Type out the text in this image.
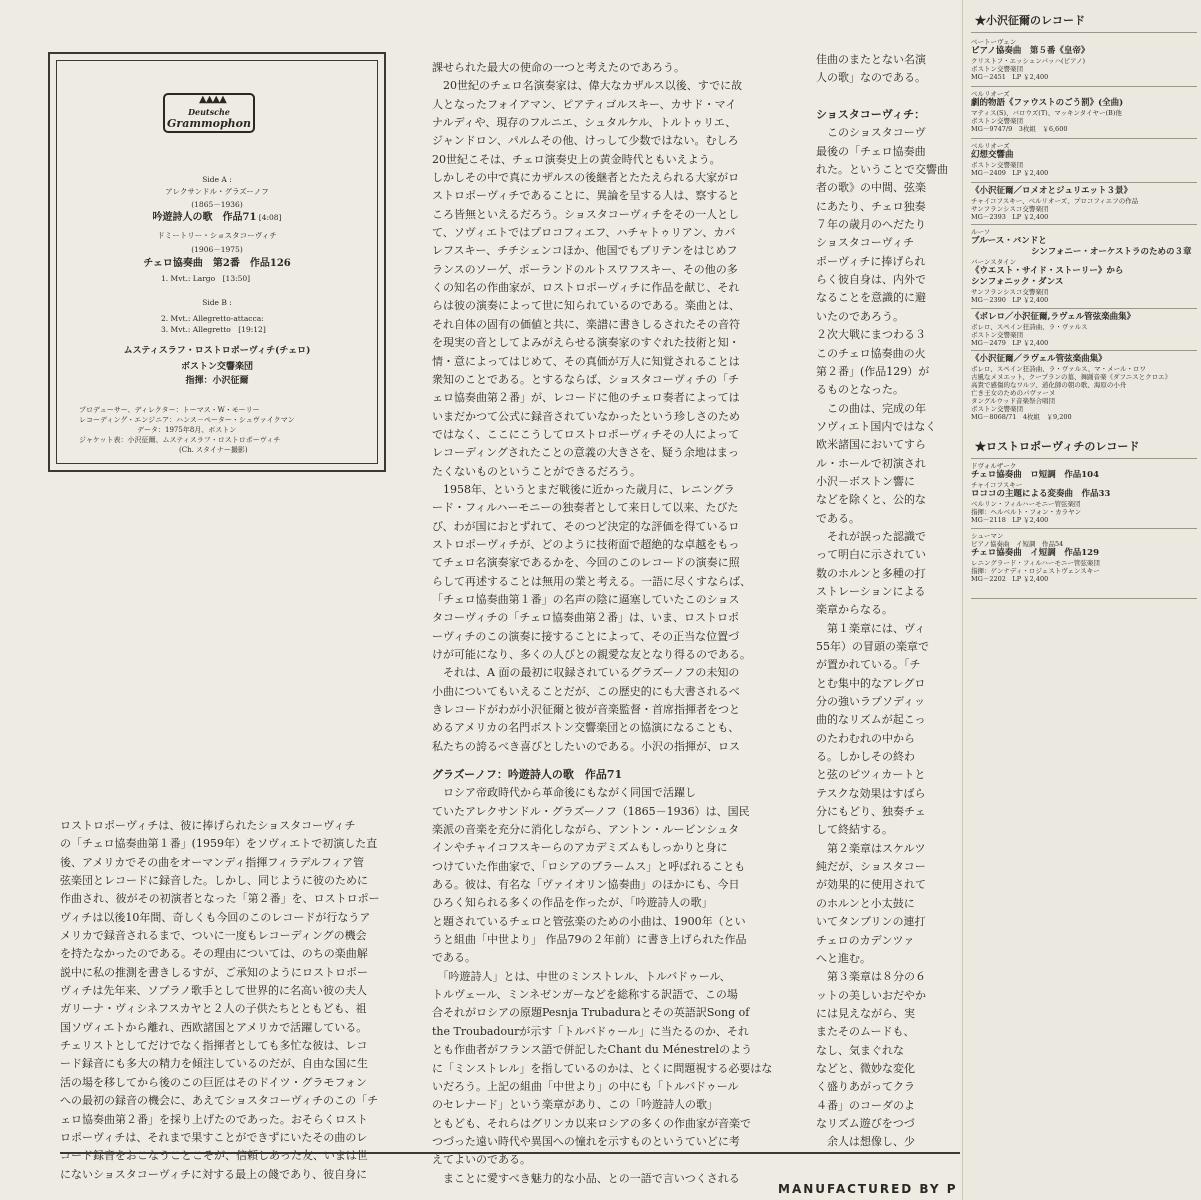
▲▲▲▲
Deutsche
Grammophon
Side A :
アレクサンドル・グラズーノフ
(1865－1936)
吟遊詩人の歌　作品71 [4:08]
ドミートリー・ショスタコーヴィチ
(1906－1975)
チェロ協奏曲　第2番　作品126
1. Mvt.: Largo　[13:50]
Side B :
2. Mvt.: Allegretto-attacca:
3. Mvt.: Allegretto　[19:12]
ムスティスラフ・ロストロポーヴィチ(チェロ)
ボストン交響楽団
指揮：小沢征爾
プロデューサー、ディレクター：トーマス・W・モーリー
レコーディング・エンジニア：ハンス－ペーター・シュヴァイクマン
データ：1975年8月、ボストン
ジャケット表：小沢征爾、ムスティスラフ・ロストロポーヴィチ
(Ch. スタイナー撮影)

ロストロポーヴィチは、彼に捧げられたショスタコーヴィチ

の「チェロ協奏曲第１番」(1959年）をソヴィエトで初演した直

後、アメリカでその曲をオーマンディ指揮フィラデルフィア管

弦楽団とレコードに録音した。しかし、同じように彼のために

作曲され、彼がその初演者となった「第２番」を、ロストロポー

ヴィチは以後10年間、奇しくも今回のこのレコードが行なうア

メリカで録音されるまで、ついに一度もレコーディングの機会

を持たなかったのである。その理由については、のちの楽曲解

説中に私の推測を書きしるすが、ご承知のようにロストロポー

ヴィチは先年来、ソプラノ歌手として世界的に名高い彼の夫人

ガリーナ・ヴィシネフスカヤと２人の子供たちとともども、祖

国ソヴィエトから離れ、西欧諸国とアメリカで活躍している。

チェリストとしてだけでなく指揮者としても多忙な彼は、レコ

ード録音にも多大の精力を傾注しているのだが、自由な国に生

活の場を移してから後のこの巨匠はそのドイツ・グラモフォン

への最初の録音の機会に、あえてショスタコーヴィチのこの「チ

ェロ協奏曲第２番」を採り上げたのであった。おそらくロスト

ロポーヴィチは、それまで果すことができずにいたその曲のレ

コード録音をおこなうことこそが、信頼しあった友、いまは世

にないショスタコーヴィチに対する最上の餞であり、彼自身に

課せられた最大の使命の一つと考えたのであろう。

　20世紀のチェロ名演奏家は、偉大なカザルス以後、すでに故

人となったフォイアマン、ピアティゴルスキー、カサド・マイ

ナルディや、現存のフルニエ、シュタルケル、トルトゥリエ、

ジャンドロン、パルムその他、けっして少数ではない。むしろ

20世紀こそは、チェロ演奏史上の黄金時代ともいえよう。

しかしその中で真にカザルスの後継者とたたえられる大家がロ

ストロポーヴィチであることに、異論を呈する人は、察すると

ころ皆無といえるだろう。ショスタコーヴィチをその一人とし

て、ソヴィエトではプロコフィエフ、ハチャトゥリアン、カバ

レフスキー、チチシェンコほか、他国でもブリテンをはじめフ

ランスのソーゲ、ポーランドのルトスワフスキー、その他の多

くの知名の作曲家が、ロストロポーヴィチに作品を献じ、それ

らは彼の演奏によって世に知られているのである。楽曲とは、

それ自体の固有の価値と共に、楽譜に書きしるされたその音符

を現実の音としてよみがえらせる演奏家のすぐれた技術と知・

情・意によってはじめて、その真価が万人に知覚されることは

衆知のことである。とするならば、ショスタコーヴィチの「チ

ェロ協奏曲第２番」が、レコードに他のチェロ奏者によっては

いまだかつて公式に録音されていなかったという珍しさのため

ではなく、ここにこうしてロストロポーヴィチその人によって

レコーディングされたことの意義の大きさを、疑う余地はまっ

たくないものということができるだろう。

　1958年、というとまだ戦後に近かった歳月に、レニングラ

ード・フィルハーモニーの独奏者として来日して以来、たびた

び、わが国におとずれて、そのつど決定的な評価を得ているロ

ストロポーヴィチが、どのように技術面で超絶的な卓越をもっ

てチェロ名演奏家であるかを、今回のこのレコードの演奏に照

らして再述することは無用の業と考える。一語に尽くすならば、

「チェロ協奏曲第１番」の名声の陰に逼塞していたこのショス

タコーヴィチの「チェロ協奏曲第２番」は、いま、ロストロポ

ーヴィチのこの演奏に接することによって、その正当な位置づ

けが可能になり、多くの人びとの親愛な友となり得るのである。

　それは、A 面の最初に収録されているグラズーノフの未知の

小曲についてもいえることだが、この歴史的にも大書されるべ

きレコードがわが小沢征爾と彼が音楽監督・首席指揮者をつと

めるアメリカの名門ボストン交響楽団との協演になることも、

私たちの誇るべき喜びとしたいのである。小沢の指揮が、ロス

グラズーノフ：吟遊詩人の歌　作品71

　ロシア帝政時代から革命後にもながく同国で活躍し

ていたアレクサンドル・グラズーノフ（1865－1936）は、国民

楽派の音楽を充分に消化しながら、アントン・ルービンシュタ

インやチャイコフスキーらのアカデミズムもしっかりと身に

つけていた作曲家で、「ロシアのブラームス」と呼ばれることも

ある。彼は、有名な「ヴァイオリン協奏曲」のほかにも、今日

ひろく知られる多くの作品を作ったが、「吟遊詩人の歌」

と題されているチェロと管弦楽のための小曲は、1900年（とい

うと組曲「中世より」 作品79の２年前）に書き上げられた作品

である。

　「吟遊詩人」とは、中世のミンストレル、トルバドゥール、

トルヴェール、ミンネゼンガーなどを総称する訳語で、この場

合それがロシアの原題Pesnja Trubaduraとその英語訳Song of

the Troubadourが示す「トルバドゥール」に当たるのか、それ

とも作曲者がフランス語で併記したChant du Ménestrelのよう

に「ミンストレル」を指しているのかは、とくに問題視する必要はな

いだろう。上記の組曲「中世より」の中にも「トルバドゥール

のセレナード」という楽章があり、この「吟遊詩人の歌」

ともども、それらはグリンカ以来ロシアの多くの作曲家が音楽で

つづった遠い時代や異国への憧れを示すものというていどに考

えてよいのである。

　まことに愛すべき魅力的な小品、との一語で言いつくされる

佳曲のまたとない名演

人の歌」なのである。

ショスタコーヴィチ：

　このショスタコーヴ

最後の「チェロ協奏曲

れた。ということで交響曲

者の歌》の中間、弦楽

にあたり、チェロ独奏

７年の歳月のへだたり

ショスタコーヴィチ

ポーヴィチに捧げられ

らく彼自身は、内外で

なることを意識的に避

いたのであろう。

２次大戦にまつわる３

このチェロ協奏曲の火

第２番」(作品129）が

るものとなった。

　この曲は、完成の年

ソヴィエト国内ではなく

欧米諸国においてすら

ル・ホールで初演され

小沢－ボストン響に

などを除くと、公的な

である。

　それが誤った認識で

って明白に示されてい

数のホルンと多種の打

ストレーションによる

楽章からなる。

　第１楽章には、ヴィ

55年）の冒頭の楽章で

が置かれている。「チ

とむ集中的なアレグロ

分の強いラプソディッ

曲的なリズムが起こっ

のたわむれの中から

る。しかしその終わ

と弦のピツィカートと

テスクな効果はすばら

分にもどり、独奏チェ

して終結する。

　第２楽章はスケルツ

純だが、ショスタコー

が効果的に使用されて

のホルンと小太鼓に

いてタンブリンの連打

チェロのカデンツァ

へと進む。

　第３楽章は８分の６

ットの美しいおだやか

には見えながら、実

またそのムードも、

なし、気まぐれな

などと、微妙な変化

く盛りあがってクラ

４番」のコーダのよ

なリズム遊びをつづ

　余人は想像し、少

★小沢征爾のレコード
ベートーヴェン
ピアノ協奏曲　第５番《皇帝》
クリストフ・エッシェンバッハ(ピアノ)
ボストン交響楽団
MG－2451　LP ￥2,400
ベルリオーズ
劇的物語《ファウストのごう罰》(全曲)
マティス(S)、バロウズ(T)、マッキンタイヤー(B)他
ボストン交響楽団
MG－9747/9　3枚組　￥6,600
ベルリオーズ
幻想交響曲
ボストン交響楽団
MG－2409　LP ￥2,400
《小沢征爾／ロメオとジュリエット３景》
チャイコフスキー、ベルリオーズ、プロコフィエフの作品
サンフランシスコ交響楽団
MG－2393　LP ￥2,400
ルーソ
ブルース・バンドと
シンフォニー・オーケストラのための３章
バーンスタイン
《ウエスト・サイド・ストーリー》から
シンフォニック・ダンス
サンフランシスコ交響楽団
MG－2390　LP ￥2,400
《ボレロ／小沢征爾,ラヴェル管弦楽曲集》
ボレロ、スペイン狂詩曲、ラ・ヴァルス
ボストン交響楽団
MG－2479　LP ￥2,400
《小沢征爾／ラヴェル管弦楽曲集》
ボレロ、スペイン狂詩曲、ラ・ヴァルス、マ・メール・ロワ
古風なメヌエット、クープランの墓、舞踊音楽《ダフニスとクロエ》
高貴で感傷的なワルツ、道化師の朝の歌、海原の小舟
亡き王女のためのパヴァーヌ
タングルウッド音楽祭合唱団
ボストン交響楽団
MG－8068/71　4枚組　￥9,200
★ロストロポーヴィチのレコード
ドヴォルザーク
チェロ協奏曲　ロ短調　作品104
チャイコフスキー
ロココの主題による変奏曲　作品33
ベルリン・フィルハーモニー管弦楽団
指揮：ヘルベルト・フォン・カラヤン
MG－2118　LP ￥2,400
シューマン
ピアノ協奏曲　イ短調　作品54
チェロ協奏曲　イ短調　作品129
レニングラード・フィルハーモニー管弦楽団
指揮：ゲンナディ・ロジェストヴェンスキー
MG－2202　LP ￥2,400
MANUFACTURED BY P
